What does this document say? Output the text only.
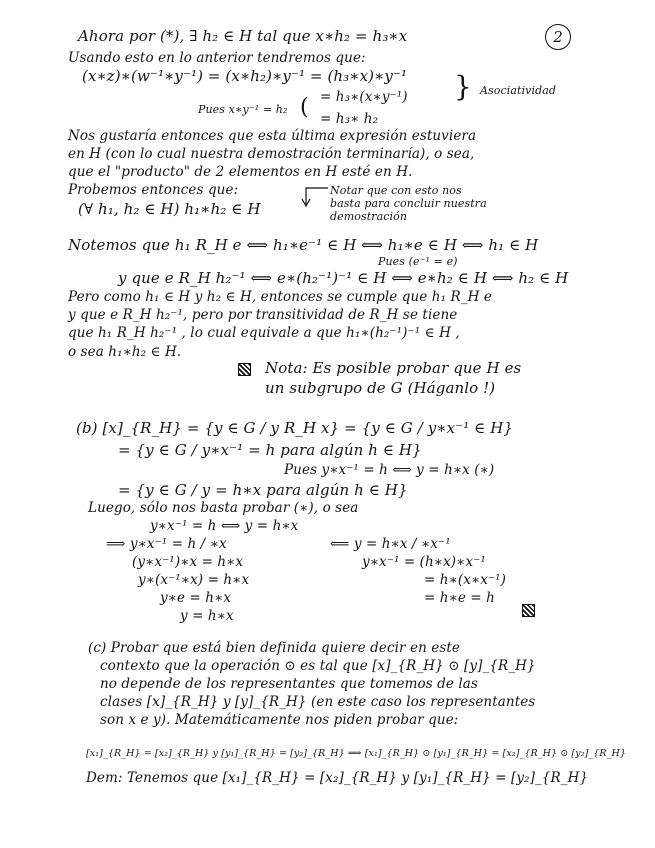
2
Ahora por (*), ∃ h₂ ∈ H tal que x∗h₂ = h₃∗x
Usando esto en lo anterior tendremos que:
(x∗z)∗(w⁻¹∗y⁻¹) = (x∗h₂)∗y⁻¹ = (h₃∗x)∗y⁻¹
Asociatividad
= h₃∗(x∗y⁻¹)
Pues x∗y⁻¹ = h₂ ( = h₃∗ h₂
}
Nos gustaría entonces que esta última expresión estuviera
en H (con lo cual nuestra demostración terminaría), o sea,
que el "producto" de 2 elementos en H esté en H.
Probemos entonces que:	Notar que con esto nos
basta para concluir nuestra
demostración
(∀ h₁, h₂ ∈ H) h₁∗h₂ ∈ H
Notemos que h₁ R_H e ⟺ h₁∗e⁻¹ ∈ H ⟺ h₁∗e ∈ H ⟺ h₁ ∈ H
Pues (e⁻¹ = e)
y que e R_H h₂⁻¹ ⟺ e∗(h₂⁻¹)⁻¹ ∈ H ⟺ e∗h₂ ∈ H ⟺ h₂ ∈ H
Pero como h₁ ∈ H y h₂ ∈ H, entonces se cumple que h₁ R_H e
y que e R_H h₂⁻¹, pero por transitividad de R_H se tiene
que h₁ R_H h₂⁻¹ , lo cual equivale a que h₁∗(h₂⁻¹)⁻¹ ∈ H ,
o sea h₁∗h₂ ∈ H.
Nota: Es posible probar que H es
un subgrupo de G (Háganlo !)
(b) [x]_{R_H} = {y ∈ G / y R_H x} = {y ∈ G / y∗x⁻¹ ∈ H}
= {y ∈ G / y∗x⁻¹ = h para algún h ∈ H}
Pues y∗x⁻¹ = h ⟺ y = h∗x (∗)
= {y ∈ G / y = h∗x para algún h ∈ H}
Luego, sólo nos basta probar (∗), o sea
y∗x⁻¹ = h ⟺ y = h∗x
⟹ y∗x⁻¹ = h / ∗x
(y∗x⁻¹)∗x = h∗x
y∗(x⁻¹∗x) = h∗x
y∗e = h∗x
y = h∗x
⟸ y = h∗x / ∗x⁻¹
y∗x⁻¹ = (h∗x)∗x⁻¹
= h∗(x∗x⁻¹)
= h∗e = h
(c) Probar que está bien definida quiere decir en este
contexto que la operación ⊙ es tal que [x]_{R_H} ⊙ [y]_{R_H}
no depende de los representantes que tomemos de las
clases [x]_{R_H} y [y]_{R_H} (en este caso los representantes
son x e y). Matemáticamente nos piden probar que:
[x₁]_{R_H} = [x₂]_{R_H} y [y₁]_{R_H} = [y₂]_{R_H} ⟹ [x₁]_{R_H} ⊙ [y₁]_{R_H} = [x₂]_{R_H} ⊙ [y₂]_{R_H}
Dem: Tenemos que [x₁]_{R_H} = [x₂]_{R_H} y [y₁]_{R_H} = [y₂]_{R_H}
